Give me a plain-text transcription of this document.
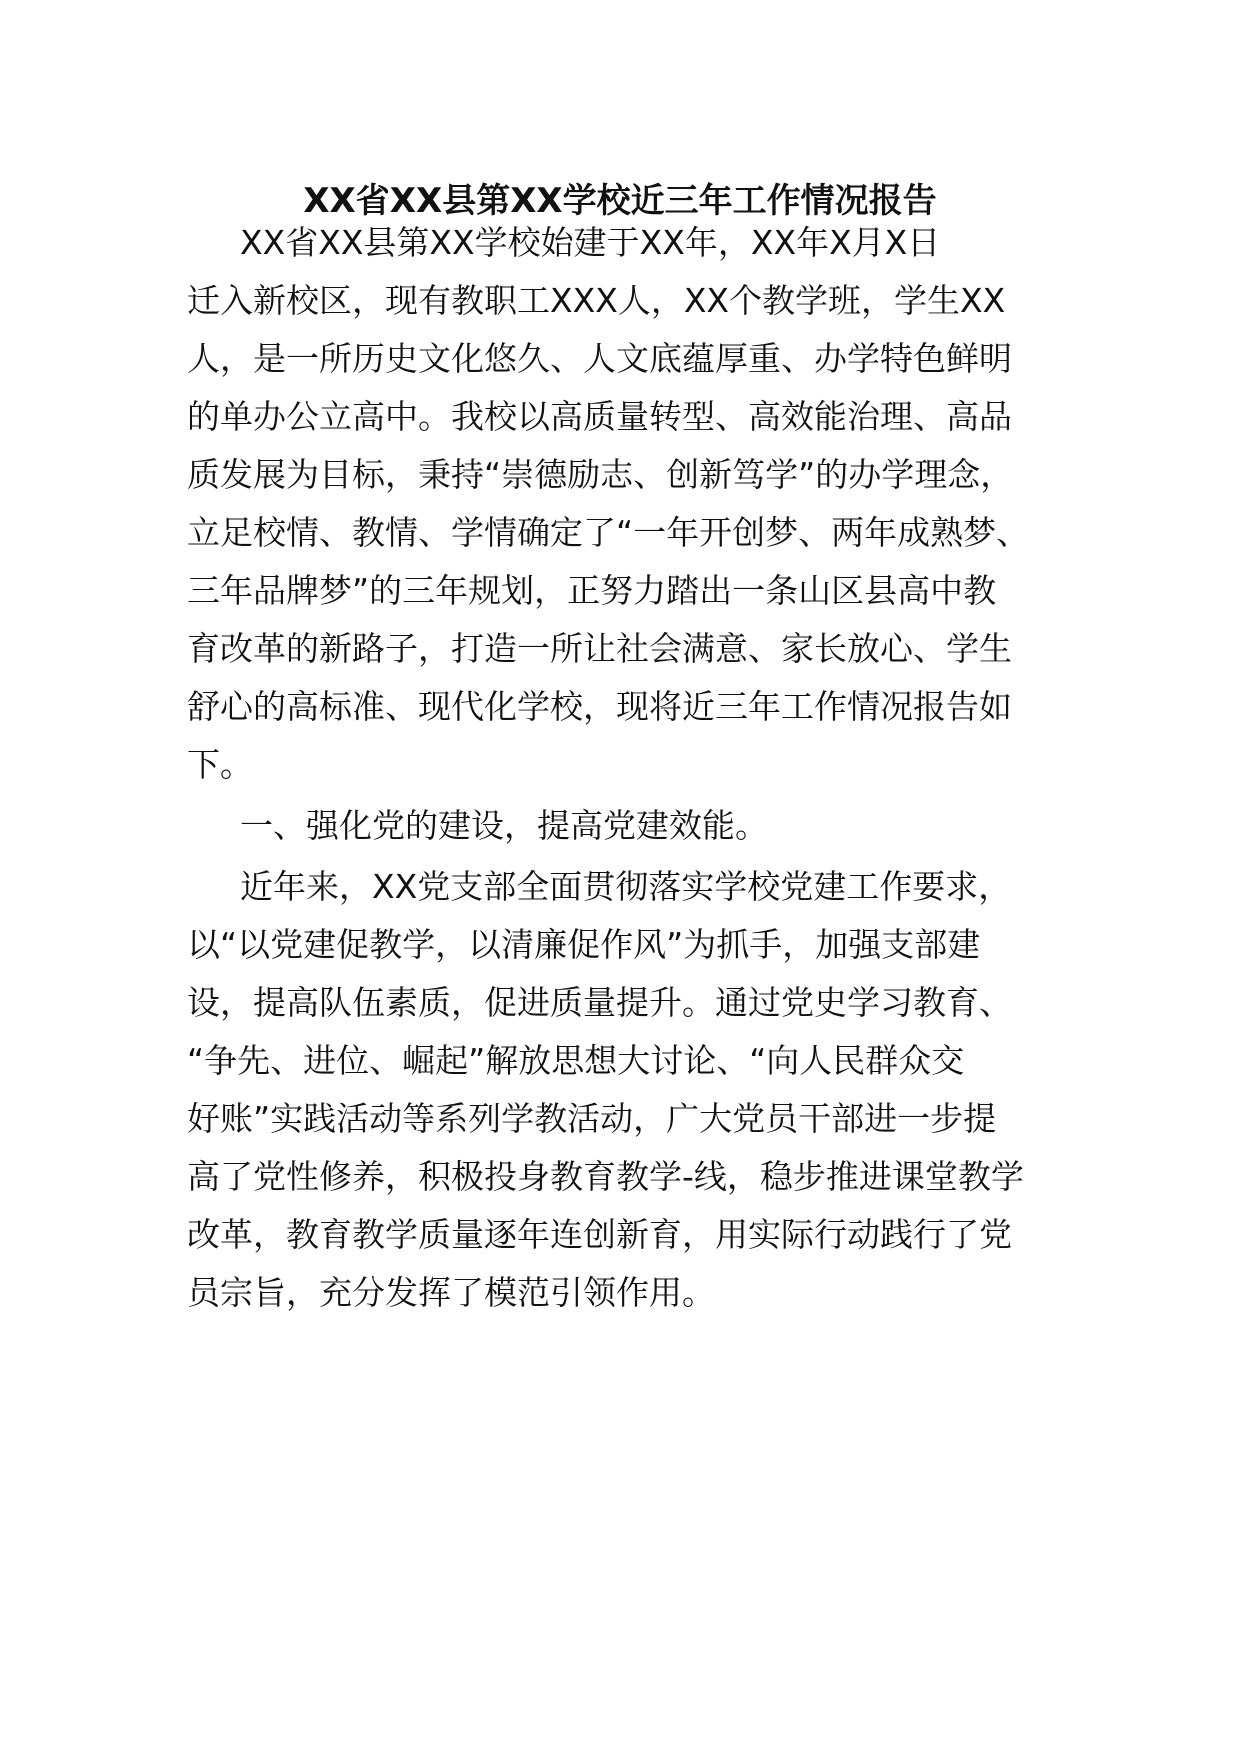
XX省XX县第XX学校近三年工作情况报告
XX省XX县第XX学校始建于XX年，XX年X月X日
迁入新校区，现有教职工XXX人，XX个教学班，学生XX
人，是一所历史文化悠久、人文底蕴厚重、办学特色鲜明
的单办公立高中。我校以高质量转型、高效能治理、高品
质发展为目标，秉持“崇德励志、创新笃学”的办学理念，
立足校情、教情、学情确定了“一年开创梦、两年成熟梦、
三年品牌梦”的三年规划，正努力踏出一条山区县高中教
育改革的新路子，打造一所让社会满意、家长放心、学生
舒心的高标准、现代化学校，现将近三年工作情况报告如
下。
一、强化党的建设，提高党建效能。
近年来，XX党支部全面贯彻落实学校党建工作要求，
以“以党建促教学，以清廉促作风”为抓手，加强支部建
设，提高队伍素质，促进质量提升。通过党史学习教育、
“争先、进位、崛起”解放思想大讨论、“向人民群众交
好账”实践活动等系列学教活动，广大党员干部进一步提
高了党性修养，积极投身教育教学-线，稳步推进课堂教学
改革，教育教学质量逐年连创新育，用实际行动践行了党
员宗旨，充分发挥了模范引领作用。
